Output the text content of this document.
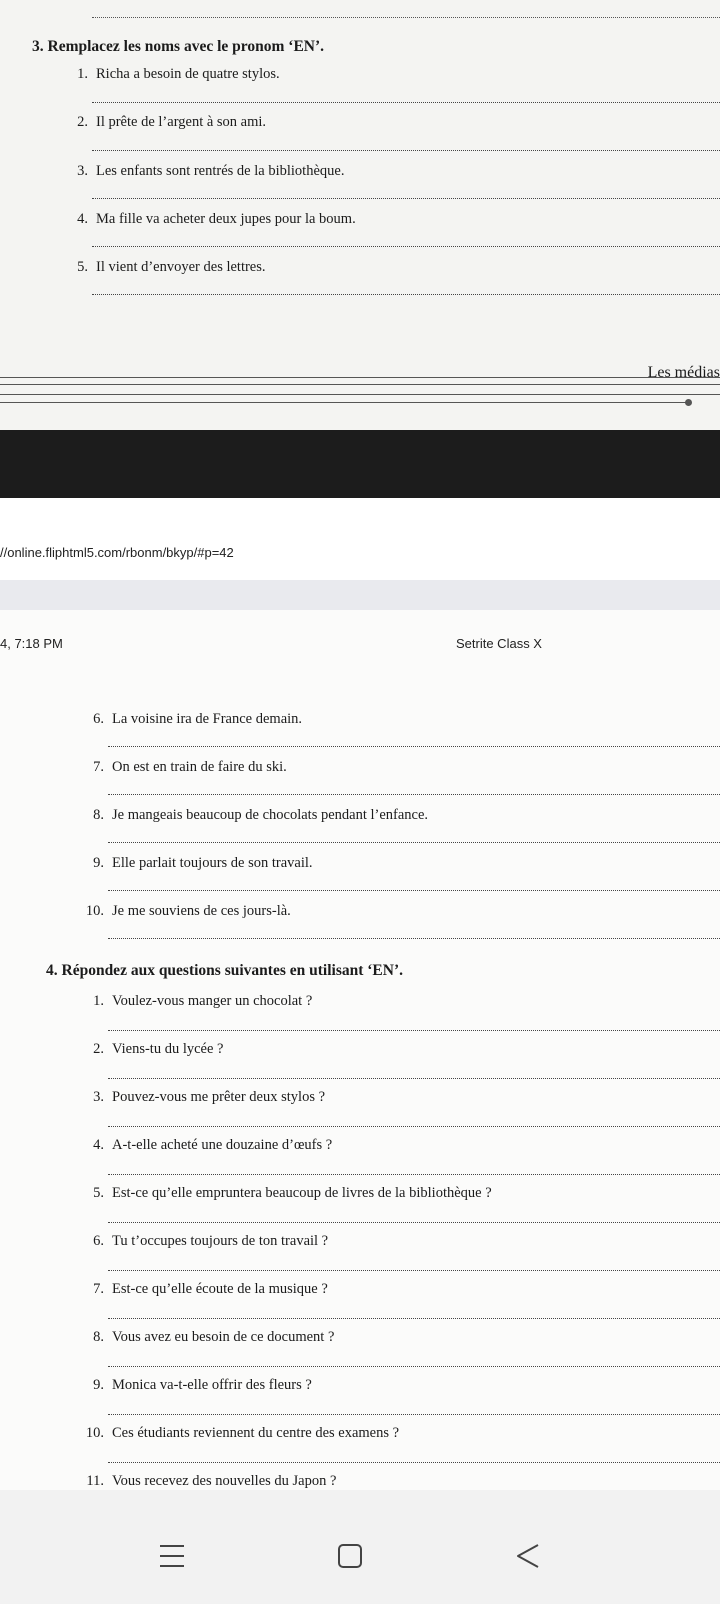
3. Remplacez les noms avec le pronom ‘EN’.
1. Richa a besoin de quatre stylos.
2. Il prête de l’argent à son ami.
3. Les enfants sont rentrés de la bibliothèque.
4. Ma fille va acheter deux jupes pour la boum.
5. Il vient d’envoyer des lettres.
Les médias
//online.fliphtml5.com/rbonm/bkyp/#p=42
4, 7:18 PM	Setrite Class X
6. La voisine ira de France demain.
7. On est en train de faire du ski.
8. Je mangeais beaucoup de chocolats pendant l’enfance.
9. Elle parlait toujours de son travail.
10. Je me souviens de ces jours-là.
4. Répondez aux questions suivantes en utilisant ‘EN’.
1. Voulez-vous manger un chocolat ?
2. Viens-tu du lycée ?
3. Pouvez-vous me prêter deux stylos ?
4. A-t-elle acheté une douzaine d’œufs ?
5. Est-ce qu’elle empruntera beaucoup de livres de la bibliothèque ?
6. Tu t’occupes toujours de ton travail ?
7. Est-ce qu’elle écoute de la musique ?
8. Vous avez eu besoin de ce document ?
9. Monica va-t-elle offrir des fleurs ?
10. Ces étudiants reviennent du centre des examens ?
11. Vous recevez des nouvelles du Japon ?
